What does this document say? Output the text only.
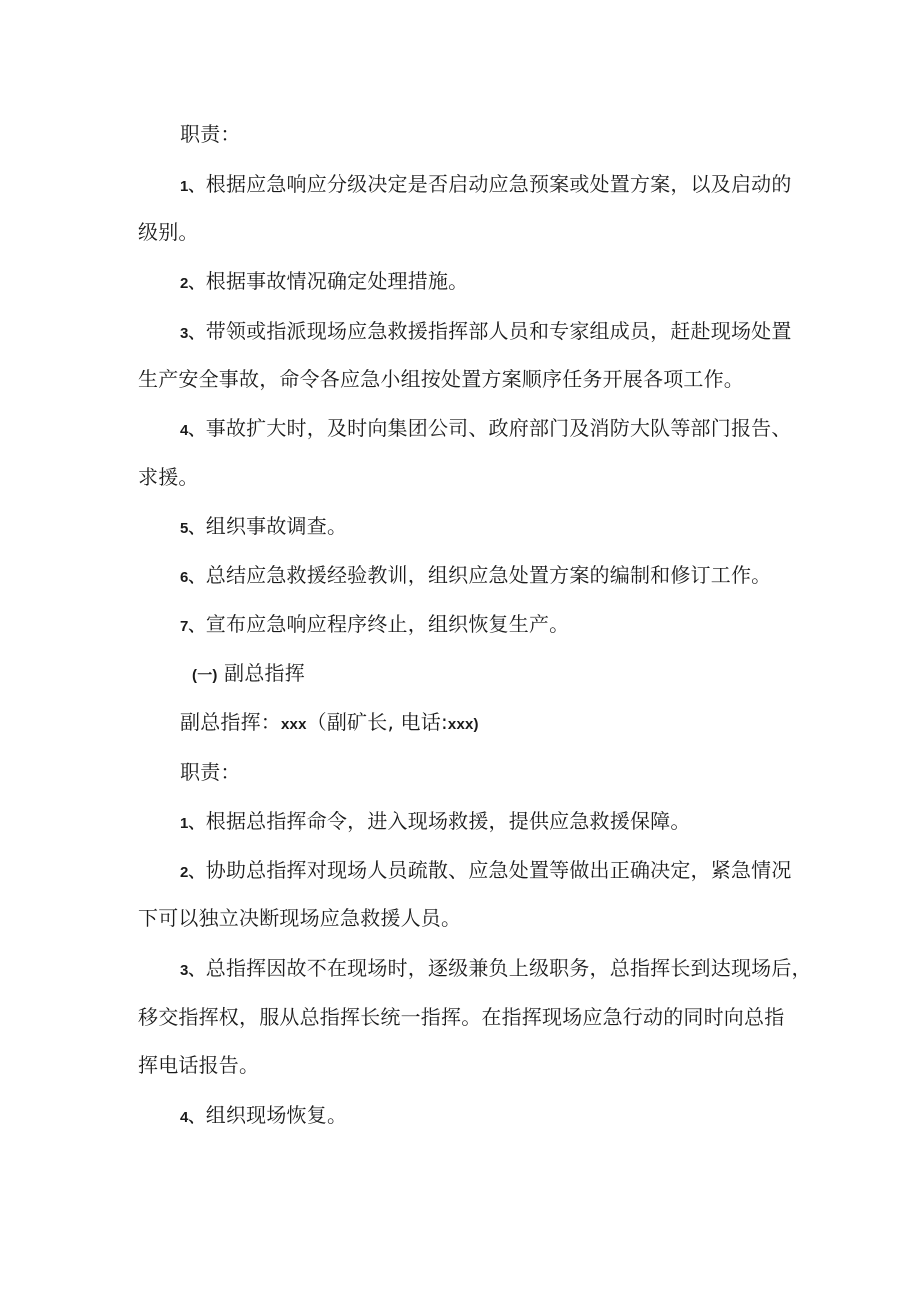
职责：
1、 根据应急响应分级决定是否启动应急预案或处置方案，以及启动的
级别。
2、 根据事故情况确定处理措施。
3、 带领或指派现场应急救援指挥部人员和专家组成员，赶赴现场处置
生产安全事故，命令各应急小组按处置方案顺序任务开展各项工作。
4、 事故扩大时，及时向集团公司、政府部门及消防大队等部门报告、
求援。
5、 组织事故调查。
6、 总结应急救援经验教训，组织应急处置方案的编制和修订工作。
7、 宣布应急响应程序终止，组织恢复生产。
(一) 副总指挥
副总指挥：xxx（副矿长, 电话:xxx)
职责：
1、 根据总指挥命令，进入现场救援，提供应急救援保障。
2、 协助总指挥对现场人员疏散、应急处置等做出正确决定，紧急情况
下可以独立决断现场应急救援人员。
3、 总指挥因故不在现场时，逐级兼负上级职务，总指挥长到达现场后，
移交指挥权，服从总指挥长统一指挥。在指挥现场应急行动的同时向总指
挥电话报告。
4、 组织现场恢复。
